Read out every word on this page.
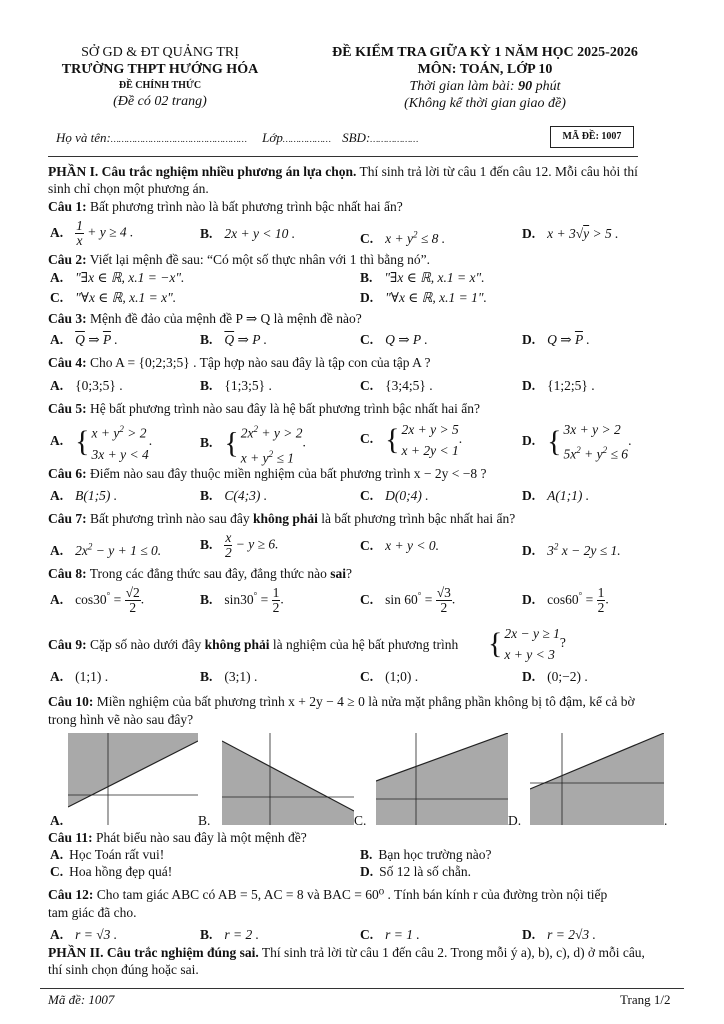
SỞ GD & ĐT QUẢNG TRỊ
TRƯỜNG THPT HƯỚNG HÓA
ĐỀ CHÍNH THỨC
(Đề có 02 trang)
ĐỀ KIỂM TRA GIỮA KỲ 1 NĂM HỌC 2025-2026
MÔN: TOÁN, LỚP 10
Thời gian làm bài: 90 phút
(Không kể thời gian giao đề)
Họ và tên:…………………………………………… Lớp……………… SBD:………………	MÃ ĐỀ: 1007
PHẦN I. Câu trắc nghiệm nhiều phương án lựa chọn. Thí sinh trả lời từ câu 1 đến câu 12. Mỗi câu hỏi thí
sinh chỉ chọn một phương án.
Câu 1: Bất phương trình nào là bất phương trình bậc nhất hai ẩn?
A. $\frac{1}{x} + y \ge 4$ .	B. 2x + y < 10 .	C. $x + y^2 \le 8$ .	D. x + 3√y > 5 .
Câu 2: Viết lại mệnh đề sau: “Có một số thực nhân với 1 thì bằng nó”.
A. "∃x ∈ ℝ, x.1 = −x".	B. "∃x ∈ ℝ, x.1 = x".
C. "∀x ∈ ℝ, x.1 = x".	D. "∀x ∈ ℝ, x.1 = 1".
Câu 3: Mệnh đề đảo của mệnh đề P ⇒ Q là mệnh đề nào?
A. $\overline{Q}$ ⇒ $\overline{P}$ .	B. $\overline{Q}$ ⇒ P .	C. Q ⇒ P .	D. Q ⇒ $\overline{P}$ .
Câu 4: Cho A = {0;2;3;5} . Tập hợp nào sau đây là tập con của tập A ?
A. {0;3;5} .	B. {1;3;5} .	C. {3;4;5} .	D. {1;2;5} .
Câu 5: Hệ bất phương trình nào sau đây là hệ bất phương trình bậc nhất hai ẩn?
A. { $x + y^2 > 2$
3x + y < 4.	B. { $2x^2 + y > 2$
$x + y^2 \le 1$.	C. { 2x + y > 5
x + 2y < 1.	D. { 3x + y > 2
$5x^2 + y^2 \le 6$.
Câu 6: Điểm nào sau đây thuộc miền nghiệm của bất phương trình x − 2y < −8 ?
A. B(1;5) .	B. C(4;3) .	C. D(0;4) .	D. A(1;1) .
Câu 7: Bất phương trình nào sau đây không phải là bất phương trình bậc nhất hai ẩn?
A. $2x^2 - y + 1 \le 0$.	B. $\frac{x}{2} - y \ge 6$.	C. x + y < 0.	D. $3^2$ x − 2y ≤ 1.
Câu 8: Trong các đẳng thức sau đây, đẳng thức nào sai?
A. $\cos 30^\circ = \frac{√2}{2}$ .	B. $\sin 30^\circ = \frac{1}{2}$ .	C. $\sin 60^\circ = \frac{√3}{2}$ .	D. $\cos 60^\circ = \frac{1}{2}$ .
Câu 9: Cặp số nào dưới đây không phải là nghiệm của hệ bất phương trình { 2x − y ≥ 1
x + y < 3?
A. (1;1) .	B. (3;1) .	C. (1;0) .	D. (0;−2) .
Câu 10: Miền nghiệm của bất phương trình x + 2y − 4 ≥ 0 là nửa mặt phẳng phần không bị tô đậm, kể cả bờ
trong hình vẽ nào sau đây?
A.	B.	C.	D.	.
Câu 11: Phát biểu nào sau đây là một mệnh đề?
A. Học Toán rất vui!	B. Bạn học trường nào?
C. Hoa hồng đẹp quá!	D. Số 12 là số chẵn.
Câu 12: Cho tam giác ABC có AB = 5, AC = 8 và BAC = 60⁰ . Tính bán kính r của đường tròn nội tiếp
tam giác đã cho.
A. r = √3 .	B. r = 2 .	C. r = 1 .	D. r = 2√3 .
PHẦN II. Câu trắc nghiệm đúng sai. Thí sinh trả lời từ câu 1 đến câu 2. Trong mỗi ý a), b), c), d) ở mỗi câu,
thí sinh chọn đúng hoặc sai.
Mã đề: 1007	Trang 1/2
